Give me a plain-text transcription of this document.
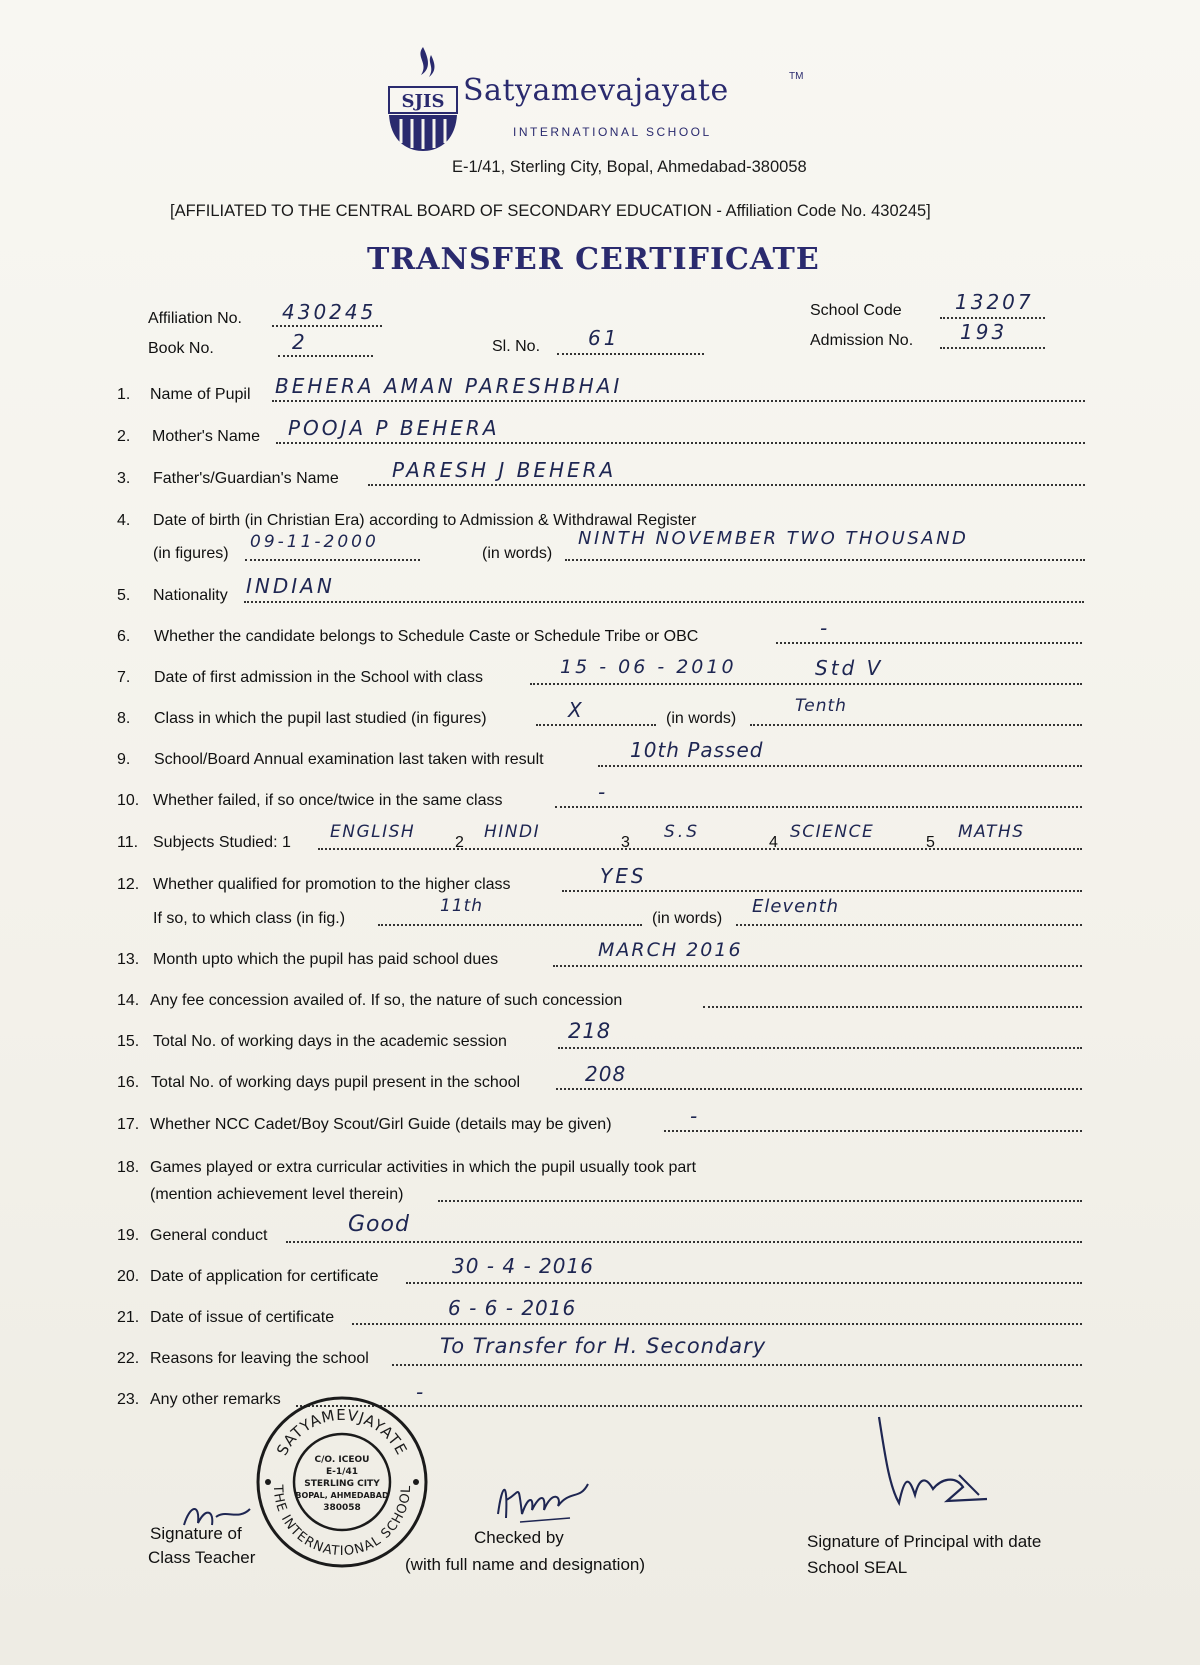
SJIS Satyamevajayate	TM
INTERNATIONAL SCHOOL
E-1/41, Sterling City, Bopal, Ahmedabad-380058
[AFFILIATED TO THE CENTRAL BOARD OF SECONDARY EDUCATION - Affiliation Code No. 430245]
TRANSFER CERTIFICATE
Affiliation No. 430245
Book No.	2	Sl. No. 61
School Code	13207
Admission No. 193
1. Name of Pupil BEHERA AMAN PARESHBHAI
2. Mother's Name POOJA P BEHERA
3. Father's/Guardian's Name	PARESH J BEHERA
4. Date of birth (in Christian Era) according to Admission & Withdrawal Register
(in figures)
09-11-2000
(in words)
NINTH NOVEMBER TWO THOUSAND
5. Nationality INDIAN
6. Whether the candidate belongs to Schedule Caste or Schedule Tribe or OBC	-
7. Date of first admission in the School with class	15 - 06 - 2010	Std V
8. Class in which the pupil last studied (in figures)	X	(in words)
Tenth
9. School/Board Annual examination last taken with result	10th Passed
10. Whether failed, if so once/twice in the same class	-
11. Subjects Studied: 1
ENGLISH
2
HINDI
3
S.S
4
SCIENCE
5
MATHS
12. Whether qualified for promotion to the higher class	YES
If so, to which class (in fig.)
11th
(in words)
Eleventh
13. Month upto which the pupil has paid school dues	MARCH 2016
14. Any fee concession availed of. If so, the nature of such concession
15. Total No. of working days in the academic session	218
16. Total No. of working days pupil present in the school	208
17. Whether NCC Cadet/Boy Scout/Girl Guide (details may be given)	-
18. Games played or extra curricular activities in which the pupil usually took part
(mention achievement level therein)
19. General conduct	Good
20. Date of application for certificate	30 - 4 - 2016
21. Date of issue of certificate	6 - 6 - 2016
22. Reasons for leaving the school
To Transfer for H. Secondary
23. Any other remarks	-
Signature of
Class Teacher
Checked by
(with full name and designation)
Signature of Principal with date
School SEAL
SATYAMEVJAYATE
THE INTERNATIONAL SCHOOL
C/O. ICEOU
E-1/41
STERLING CITY
BOPAL, AHMEDABAD
380058
